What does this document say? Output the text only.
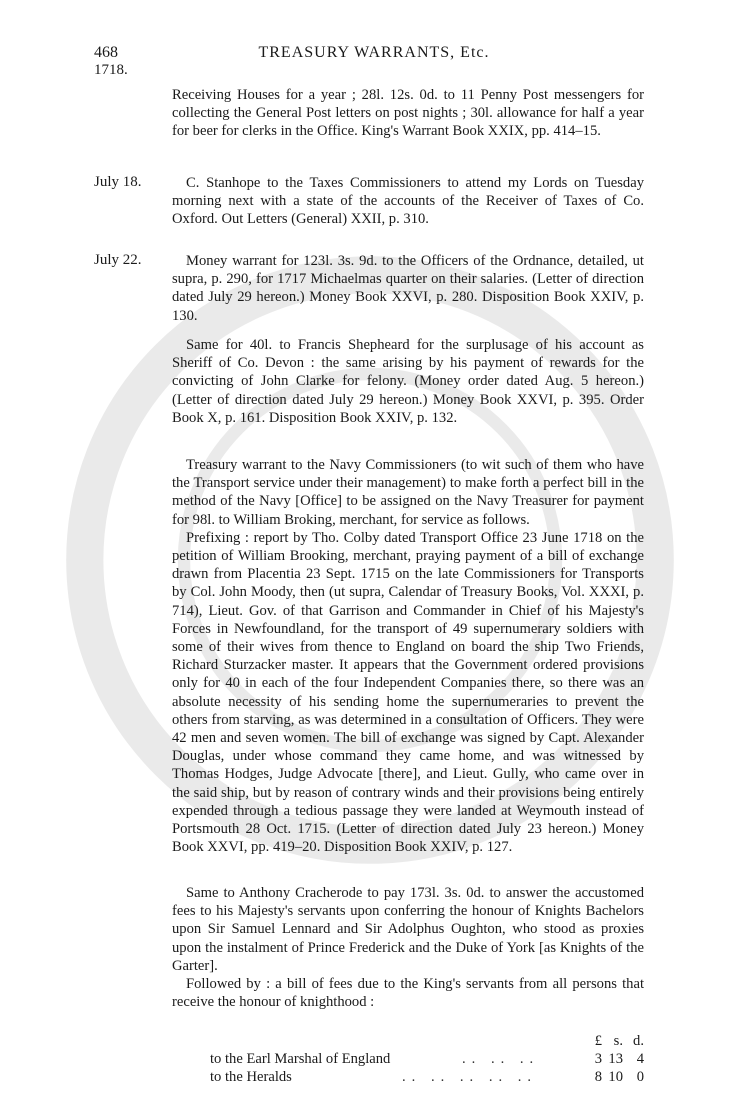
468	TREASURY WARRANTS, Etc.
1718.

Receiving Houses for a year ; 28l. 12s. 0d. to 11 Penny Post messengers for collecting the General Post letters on post nights ; 30l. allowance for half a year for beer for clerks in the Office. King's Warrant Book XXIX, pp. 414–15.

July 18.	C. Stanhope to the Taxes Commissioners to attend my Lords on Tuesday morning next with a state of the accounts of the Receiver of Taxes of Co. Oxford. Out Letters (General) XXII, p. 310.

July 22.	Money warrant for 123l. 3s. 9d. to the Officers of the Ordnance, detailed, ut supra, p. 290, for 1717 Michaelmas quarter on their salaries. (Letter of direction dated July 29 hereon.) Money Book XXVI, p. 280. Disposition Book XXIV, p. 130.

Same for 40l. to Francis Shepheard for the surplusage of his account as Sheriff of Co. Devon : the same arising by his payment of rewards for the convicting of John Clarke for felony. (Money order dated Aug. 5 hereon.) (Letter of direction dated July 29 hereon.) Money Book XXVI, p. 395. Order Book X, p. 161. Disposition Book XXIV, p. 132.

Treasury warrant to the Navy Commissioners (to wit such of them who have the Transport service under their management) to make forth a perfect bill in the method of the Navy [Office] to be assigned on the Navy Treasurer for payment for 98l. to William Broking, merchant, for service as follows.

Prefixing : report by Tho. Colby dated Transport Office 23 June 1718 on the petition of William Brooking, merchant, praying payment of a bill of exchange drawn from Placentia 23 Sept. 1715 on the late Commissioners for Transports by Col. John Moody, then (ut supra, Calendar of Treasury Books, Vol. XXXI, p. 714), Lieut. Gov. of that Garrison and Commander in Chief of his Majesty's Forces in Newfoundland, for the transport of 49 supernumerary soldiers with some of their wives from thence to England on board the ship Two Friends, Richard Sturzacker master. It appears that the Government ordered provisions only for 40 in each of the four Independent Companies there, so there was an absolute necessity of his sending home the supernumeraries to prevent the others from starving, as was determined in a consultation of Officers. They were 42 men and seven women. The bill of exchange was signed by Capt. Alexander Douglas, under whose command they came home, and was witnessed by Thomas Hodges, Judge Advocate [there], and Lieut. Gully, who came over in the said ship, but by reason of contrary winds and their provisions being entirely expended through a tedious passage they were landed at Weymouth instead of Portsmouth 28 Oct. 1715. (Letter of direction dated July 23 hereon.) Money Book XXVI, pp. 419–20. Disposition Book XXIV, p. 127.

Same to Anthony Cracherode to pay 173l. 3s. 0d. to answer the accustomed fees to his Majesty's servants upon conferring the honour of Knights Bachelors upon Sir Samuel Lennard and Sir Adolphus Oughton, who stood as proxies upon the instalment of Prince Frederick and the Duke of York [as Knights of the Garter].

Followed by : a bill of fees due to the King's servants from all persons that receive the honour of knighthood :

£ s. d.
to the Earl Marshal of England	.. .. ..	3 13 4
to the Heralds	.. .. .. .. ..	8 10 0
